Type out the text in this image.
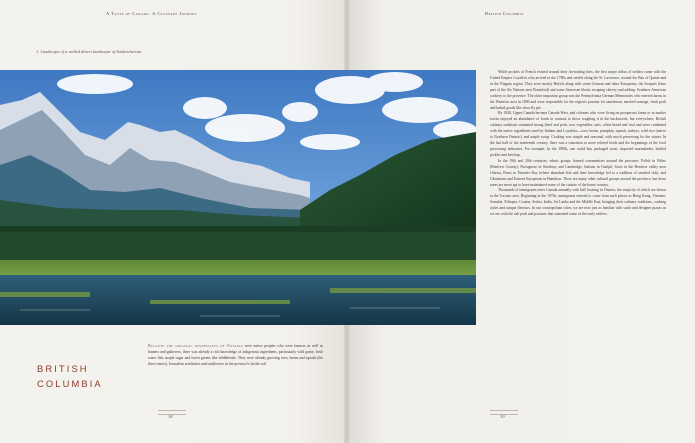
A Taste of Canada: A Culinary Journey	British Columbia
1. Landscape of a walled desert landscape of Saskatchewan.

While pockets of French existed around their fur-trading forts, the first major influx of settlers came with the United Empire Loyalists who arrived in the 1780s and settled along the St. Lawrence, around the Bay of Quinte and in the Niagara region. They were mostly British along with some German and other Europeans, the Iroquois (later part of the Six Nations near Brantford) and some American blacks escaping slavery and adding. Southern American cookery to the province. The other important group was the Pennsylvania German Mennonites who entered farms in the Waterloo area in 1800 and were responsible for the region's passion for sauerkraut, smoked sausage, fresh pork and baked goods like shoo-fly pie.

By 1840, Upper Canada became Canada West, and colonies who were living on prosperous farms or in market towns enjoyed an abundance of foods in contrast to those roughing it in the backwoods, but everywhere, British culinary traditions remained strong (beef and pork, root vegetables, tarts, white bread and veal and were combined with the native ingredients used by Indians and Loyalists—corn, beans, pumpkin, squash, turkeys, wild rice (native to Northern Ontario), and maple syrup. Cooking was simple and seasonal, with much preserving for the winter. In the last half of the nineteenth century, there was a transition to more refined foods and the beginnings of the food processing industries. For example, by the 1880s, one could buy packaged yeast, imported marmalades, bottled pickles and ketchup.

In the 19th and 20th centuries, ethnic groups formed communities around the province: Polish in Wilno (Renfrew County), Portuguese in Strathroy and Cambridge, Italians in Guelph, Scots in the Renfrew valley near Ottawa, Finns in Thunder Bay (where abundant fish and their knowledge led to a tradition of smoked fish), and Ukrainians and Eastern Europeans in Hamilton. There are many other cultural groups around the province, but these areas are more apt to have maintained some of the cuisine of the home country.

Thousands of immigrants enter Canada annually with half locating in Ontario, the majority of which are drawn to the Toronto area. Beginning in the 1970s, immigrants entered to come from such places as Hong Kong, Vietnam, Somalia, Ethiopia, Croatia, Serbia, India, Sri Lanka and the Middle East, bringing their culinary traditions, cooking styles and unique flavours. In our cosmopolitan cities, we are now just as familiar with sushi and designer pizzas as we are with the salt pork and potatoes that sustained some of the early settlers.

BRITISH COLUMBIA
Because the original inhabitants of Ontario were native peoples who were farmers as well as hunters and gatherers, there was already a rich knowledge of indigenous ingredients, particularly wild game, fresh water fish, maple sugar and forest greens like fiddleheads. They were already growing corn, beans and squash (the three sisters), Jerusalem artichokes and sunflowers in the province's fertile soil.
18	19
